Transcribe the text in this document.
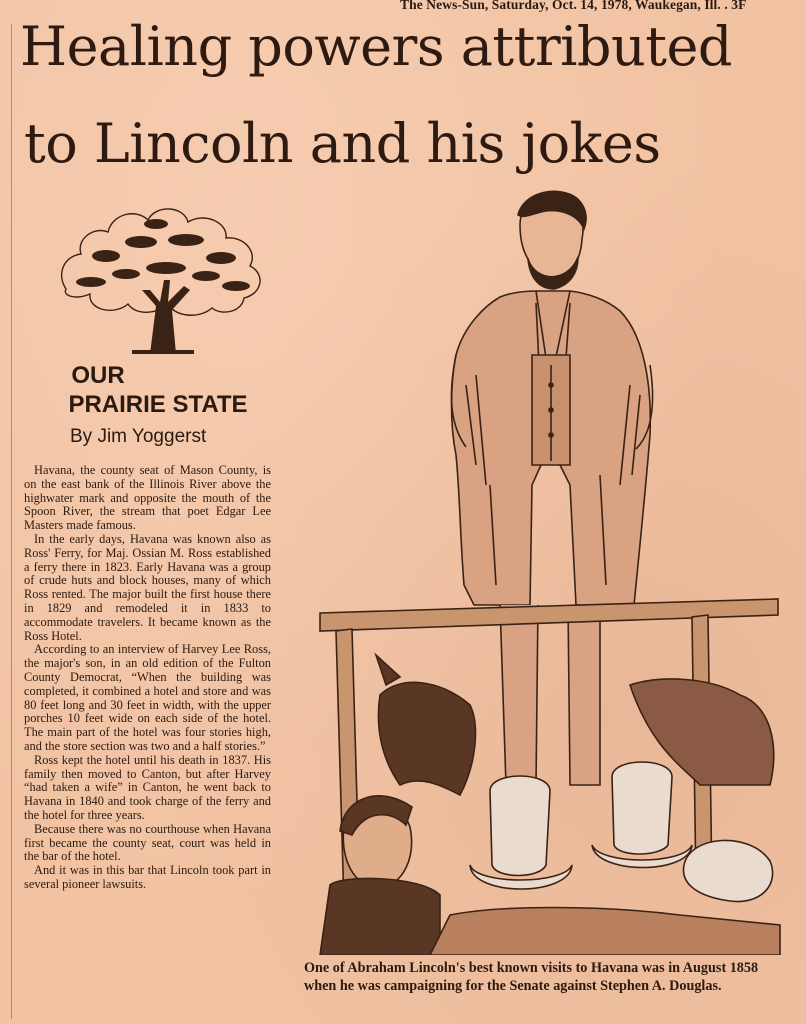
The News-Sun, Saturday, Oct. 14, 1978, Waukegan, Ill. . 3F
Healing powers attributed
to Lincoln and his jokes
OUR
PRAIRIE STATE
By Jim Yoggerst

Havana, the county seat of Mason County, is on the east bank of the Illinois River above the highwater mark and opposite the mouth of the Spoon River, the stream that poet Edgar Lee Masters made famous.

In the early days, Havana was known also as Ross' Ferry, for Maj. Ossian M. Ross established a ferry there in 1823. Early Havana was a group of crude huts and block houses, many of which Ross rented. The major built the first house there in 1829 and remodeled it in 1833 to accommodate travelers. It became known as the Ross Hotel.

According to an interview of Harvey Lee Ross, the major's son, in an old edition of the Fulton County Democrat, “When the building was completed, it combined a hotel and store and was 80 feet long and 30 feet in width, with the upper porches 10 feet wide on each side of the hotel. The main part of the hotel was four stories high, and the store section was two and a half stories.”

Ross kept the hotel until his death in 1837. His family then moved to Canton, but after Harvey “had taken a wife” in Canton, he went back to Havana in 1840 and took charge of the ferry and the hotel for three years.

Because there was no courthouse when Havana first became the county seat, court was held in the bar of the hotel.

And it was in this bar that Lincoln took part in several pioneer lawsuits.

One of Abraham Lincoln's best known visits to Havana was in August 1858 when he was campaigning for the Senate against Stephen A. Douglas.
